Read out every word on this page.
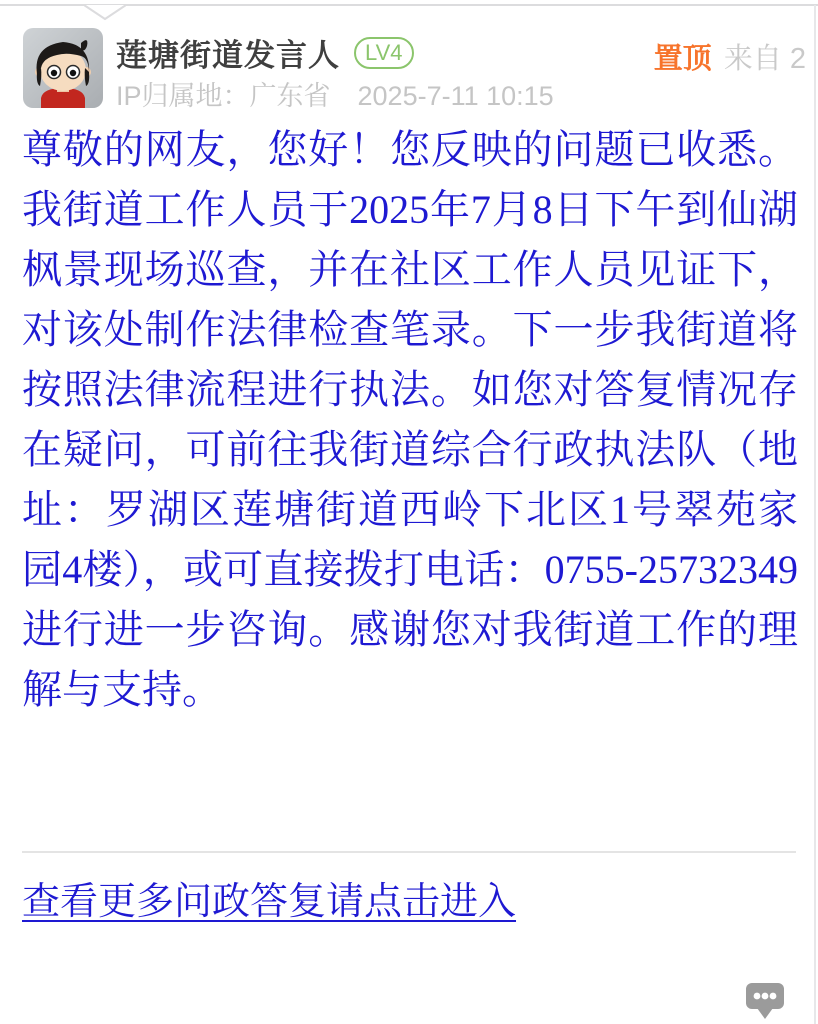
莲塘街道发言人	LV4
IP归属地：广东省 2025-7-11 10:15
置顶 来自 2
尊敬的网友，您好！您反映的问题已收悉。我街道工作人员于2025年7月8日下午到仙湖枫景现场巡查，并在社区工作人员见证下，对该处制作法律检查笔录。下一步我街道将按照法律流程进行执法。如您对答复情况存在疑问，可前往我街道综合行政执法队（地址：罗湖区莲塘街道西岭下北区1号翠苑家园4楼），或可直接拨打电话：0755-25732349进行进一步咨询。感谢您对我街道工作的理解与支持。
查看更多问政答复请点击进入
